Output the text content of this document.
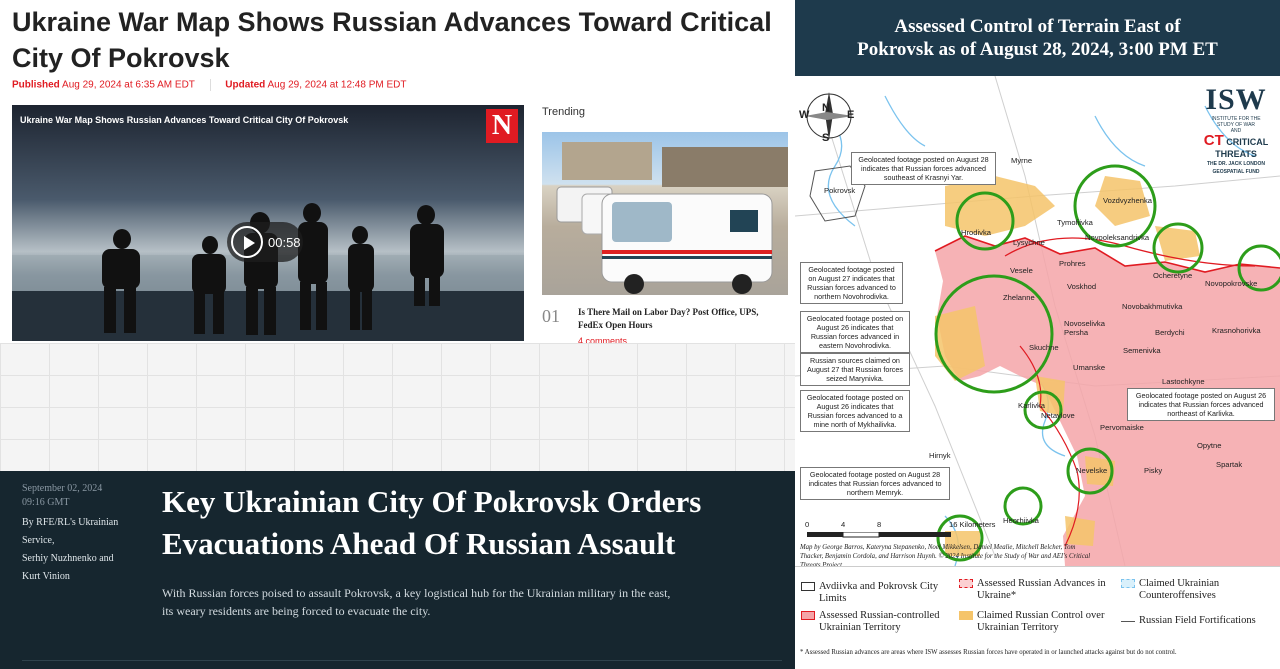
Ukraine War Map Shows Russian Advances Toward Critical City Of Pokrovsk
Published Aug 29, 2024 at 6:35 AM EDT	Updated Aug 29, 2024 at 12:48 PM EDT
Ukraine War Map Shows Russian Advances Toward Critical City Of Pokrovsk	N
00:58
Trending
01 Is There Mail on Labor Day? Post Office, UPS, FedEx Open Hours
4 comments
September 02, 2024
09:16 GMT
By RFE/RL's Ukrainian Service,
Serhiy Nuzhnenko and
Kurt Vinion
Key Ukrainian City Of Pokrovsk Orders Evacuations Ahead Of Russian Assault

With Russian forces poised to assault Pokrovsk, a key logistical hub for the Ukrainian military in the east, its weary residents are being forced to evacuate the city.

Assessed Control of Terrain East of
Pokrovsk as of August 28, 2024, 3:00 PM ET
N
S
E
W	ISW
INSTITUTE FOR THE
STUDY OF WAR
AND
CT CRITICAL
THREATS
THE DR. JACK LONDON
GEOSPATIAL FUND
Geolocated footage posted on August 28 indicates that Russian forces advanced southeast of Krasnyi Yar.
Geolocated footage posted on August 27 indicates that Russian forces advanced to northern Novohrodivka.
Geolocated footage posted on August 26 indicates that Russian forces advanced in eastern Novohrodivka.
Russian sources claimed on August 27 that Russian forces seized Marynivka.
Geolocated footage posted on August 26 indicates that Russian forces advanced to a mine north of Mykhailivka.
Geolocated footage posted on August 28 indicates that Russian forces advanced to northern Memryk.
Geolocated footage posted on August 26 indicates that Russian forces advanced northeast of Karlivka.
Pokrovsk
Myrne
Hrodivka
Vozdvyzhenka
Tymofiivka
Novooleksandrivka
Lysychne
Prohres
Vesele
Ocheretyne
Novopokrovske
Voskhod
Zhelanne
Novobakhmutivka
Novoselivka Persha	Berdychi	Krasnohorivka
Semenivka
Skuchne
Umanske
Lastochkyne
Karlivka
Netaylove
Pervomaiske
Opytne
Hirnyk
Nevelske	Pisky
Spartak
Heorhiivka
0	4	8	16 Kilometers
Map by George Barros, Kateryna Stepanenko, Noel Mikkelsen, Daniel Mealie, Mitchell Belcher, Tom Thacker, Benjamin Cordola, and Harrison Huynh. © 2024 Institute for the Study of War and AEI's Critical
Avdiivka and Pokrovsk City Limits
Assessed Russian Advances in Ukraine*
Claimed Ukrainian Counteroffensives
Assessed Russian-controlled Ukrainian Territory
Claimed Russian Control over Ukrainian Territory
Russian Field Fortifications
* Assessed Russian advances are areas where ISW assesses Russian forces have operated in or launched attacks against but do not control.
